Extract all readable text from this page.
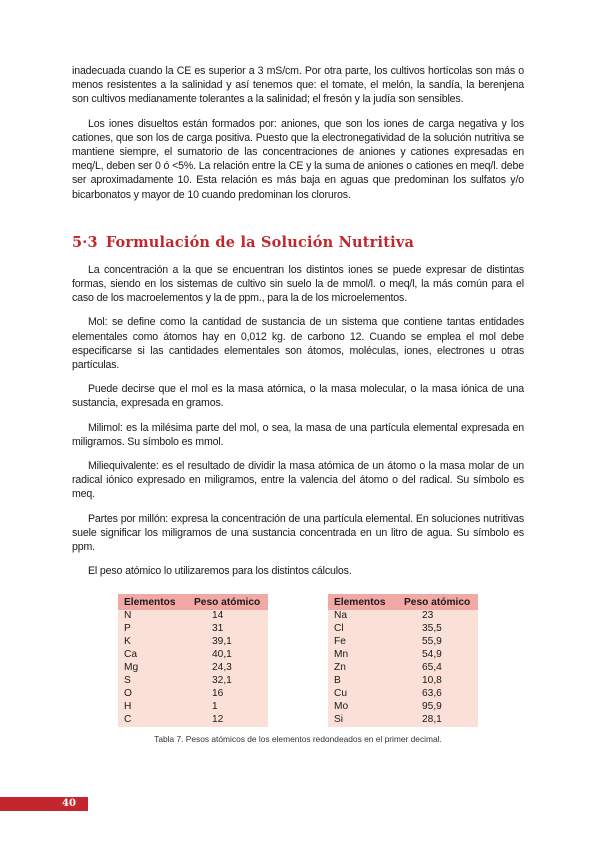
inadecuada cuando la CE es superior a 3 mS/cm. Por otra parte, los cultivos hortícolas son más o menos resistentes a la salinidad y así tenemos que: el tomate, el melón, la sandía, la berenjena son cultivos medianamente tolerantes a la salinidad; el fresón y la judía son sensibles.

Los iones disueltos están formados por: aniones, que son los iones de carga negativa y los cationes, que son los de carga positiva. Puesto que la electronegatividad de la solución nutritiva se mantiene siempre, el sumatorio de las concentraciones de aniones y cationes expresadas en meq/L, deben ser 0 ó <5%. La relación entre la CE y la suma de aniones o cationes en meq/l. debe ser aproximadamente 10. Esta relación es más baja en aguas que predominan los sulfatos y/o bicarbonatos y mayor de 10 cuando predominan los cloruros.

5·3 Formulación de la Solución Nutritiva

La concentración a la que se encuentran los distintos iones se puede expresar de distintas formas, siendo en los sistemas de cultivo sin suelo la de mmol/l. o meq/l, la más común para el caso de los macroelementos y la de ppm., para la de los microelementos.

Mol: se define como la cantidad de sustancia de un sistema que contiene tantas entidades elementales como átomos hay en 0,012 kg. de carbono 12. Cuando se emplea el mol debe especificarse si las cantidades elementales son átomos, moléculas, iones, electrones u otras partículas.

Puede decirse que el mol es la masa atómica, o la masa molecular, o la masa iónica de una sustancia, expresada en gramos.

Milimol: es la milésima parte del mol, o sea, la masa de una partícula elemental expresada en miligramos. Su símbolo es mmol.

Miliequivalente: es el resultado de dividir la masa atómica de un átomo o la masa molar de un radical iónico expresado en miligramos, entre la valencia del átomo o del radical. Su símbolo es meq.

Partes por millón: expresa la concentración de una partícula elemental. En soluciones nutritivas suele significar los miligramos de una sustancia concentrada en un litro de agua. Su símbolo es ppm.

El peso atómico lo utilizaremos para los distintos cálculos.

Elementos	Peso atómico
N	14
P	31
K	39,1
Ca	40,1
Mg	24,3
S	32,1
O	16
H	1
C	12
Elementos	Peso atómico
Na	23
Cl	35,5
Fe	55,9
Mn	54,9
Zn	65,4
B	10,8
Cu	63,6
Mo	95,9
Si	28,1
Tabla 7. Pesos atómicos de los elementos redondeados en el primer decimal.
40
